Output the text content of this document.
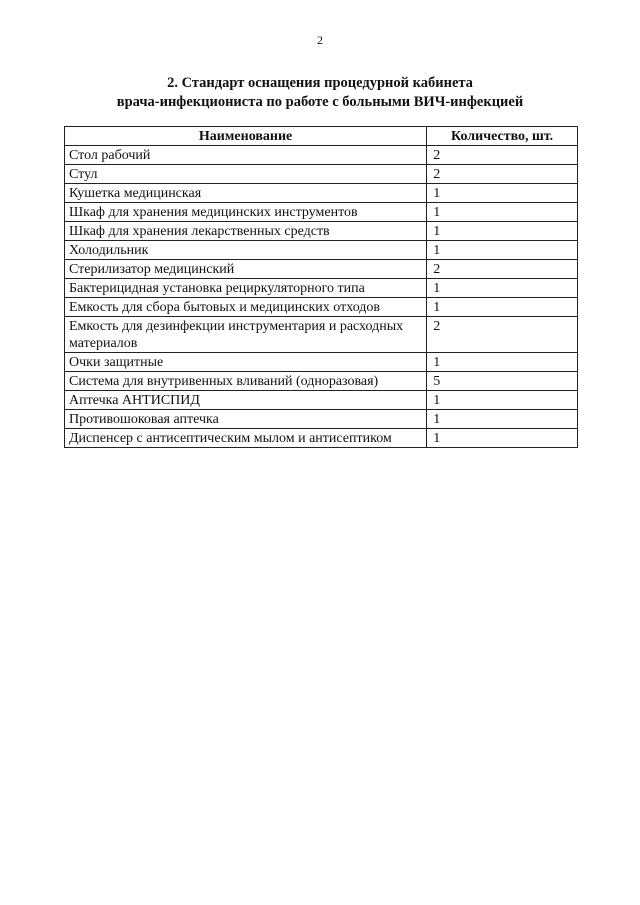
2
2. Стандарт оснащения процедурной кабинета
врача-инфекциониста по работе с больными ВИЧ-инфекцией
Наименование	Количество, шт.
Стол рабочий	2
Стул	2
Кушетка медицинская	1
Шкаф для хранения медицинских инструментов	1
Шкаф для хранения лекарственных средств	1
Холодильник	1
Стерилизатор медицинский	2
Бактерицидная установка рециркуляторного типа	1
Емкость для сбора бытовых и медицинских отходов	1
Емкость для дезинфекции инструментария и расходных материалов	2
Очки защитные	1
Система для внутривенных вливаний (одноразовая)	5
Аптечка АНТИСПИД	1
Противошоковая аптечка	1
Диспенсер с антисептическим мылом и антисептиком	1
